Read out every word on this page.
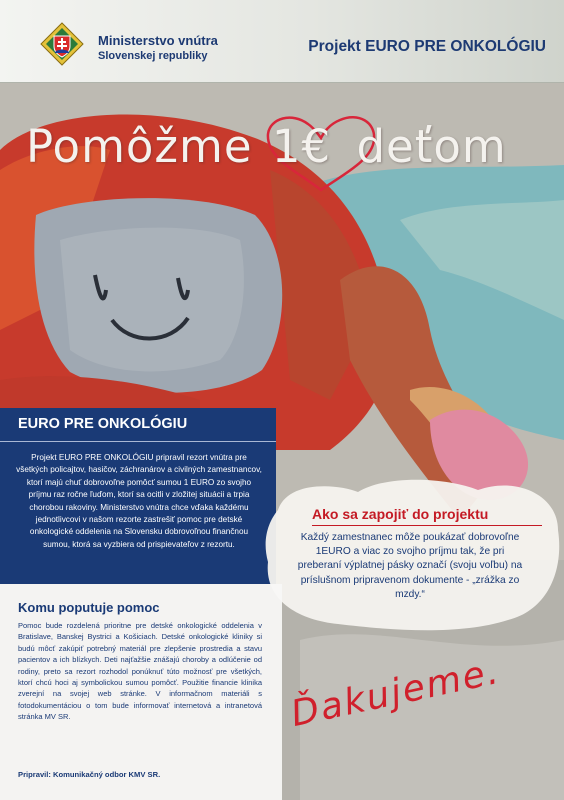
Ministerstvo vnútra
Slovenskej republiky
Projekt EURO PRE ONKOLÓGIU
Pomôžme 1€ deťom
EURO PRE ONKOLÓGIU

Projekt EURO PRE ONKOLÓGIU pripravil rezort vnútra pre všetkých policajtov, hasičov, záchranárov a civilných zamestnancov, ktorí majú chuť dobrovoľne pomôcť sumou 1 EURO zo svojho príjmu raz ročne ľuďom, ktorí sa ocitli v zložitej situácii a trpia chorobou rakoviny. Ministerstvo vnútra chce vďaka každému jednotlivcovi v našom rezorte zastrešiť pomoc pre detské onkologické oddelenia na Slovensku dobrovoľnou finančnou sumou, ktorá sa vyzbiera od prispievateľov z rezortu.

Ako sa zapojiť do projektu

Každý zamestnanec môže poukázať dobrovoľne 1EURO a viac zo svojho príjmu tak, že pri preberaní výplatnej pásky označí (svoju voľbu) na príslušnom pripravenom dokumente - „zrážka zo mzdy.“

Komu poputuje pomoc

Pomoc bude rozdelená prioritne pre detské onkologické oddelenia v Bratislave, Banskej Bystrici a Košiciach. Detské onkologické kliniky si budú môcť zakúpiť potrebný materiál pre zlepšenie prostredia a stavu pacientov a ich blízkych. Deti najťažšie znášajú choroby a odlúčenie od rodiny, preto sa rezort rozhodol ponúknuť túto možnosť pre všetkých, ktorí chcú hoci aj symbolickou sumou pomôcť. Použitie financie klinika zverejní na svojej web stránke. V informačnom materiáli s fotodokumentáciou o tom bude informovať internetová a intranetová stránka MV SR.

Pripravil: Komunikačný odbor KMV SR.

Ďakujeme.
